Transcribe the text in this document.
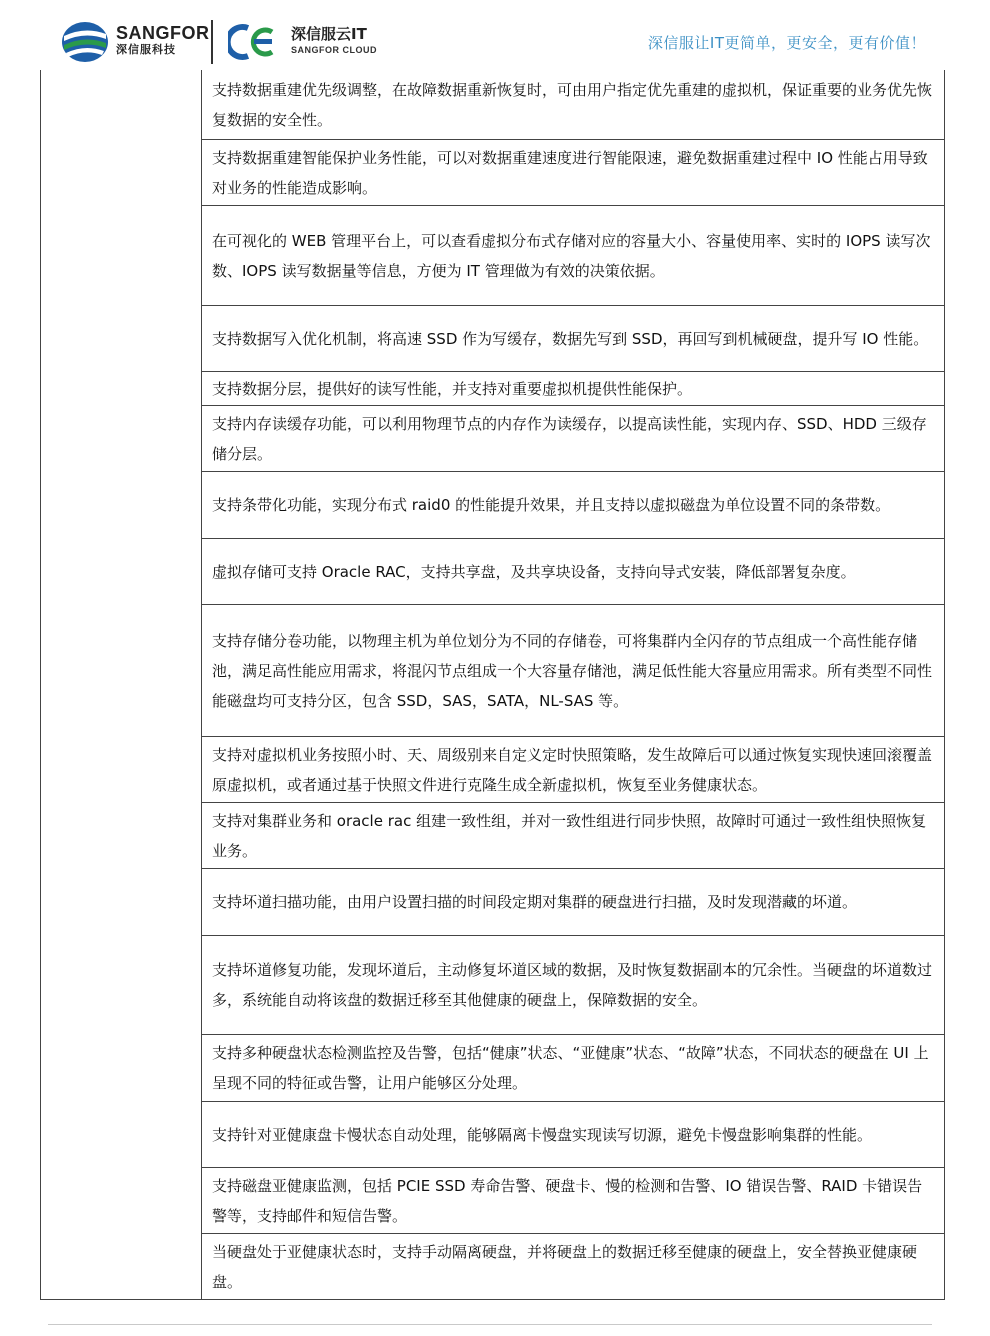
SANGFOR
深信服科技
深信服云IT
SANGFOR CLOUD	深信服让IT更简单，更安全，更有价值！
支持数据重建优先级调整，在故障数据重新恢复时，可由用户指定优先重建的虚拟机，保证重要的业务优先恢复数据的安全性。
支持数据重建智能保护业务性能，可以对数据重建速度进行智能限速，避免数据重建过程中 IO 性能占用导致对业务的性能造成影响。
在可视化的 WEB 管理平台上，可以查看虚拟分布式存储对应的容量大小、容量使用率、实时的 IOPS 读写次数、IOPS 读写数据量等信息，方便为 IT 管理做为有效的决策依据。
支持数据写入优化机制，将高速 SSD 作为写缓存，数据先写到 SSD，再回写到机械硬盘，提升写 IO 性能。
支持数据分层，提供好的读写性能，并支持对重要虚拟机提供性能保护。
支持内存读缓存功能，可以利用物理节点的内存作为读缓存，以提高读性能，实现内存、SSD、HDD 三级存储分层。
支持条带化功能，实现分布式 raid0 的性能提升效果，并且支持以虚拟磁盘为单位设置不同的条带数。
虚拟存储可支持 Oracle RAC，支持共享盘，及共享块设备，支持向导式安装，降低部署复杂度。
支持存储分卷功能，以物理主机为单位划分为不同的存储卷，可将集群内全闪存的节点组成一个高性能存储池，满足高性能应用需求，将混闪节点组成一个大容量存储池，满足低性能大容量应用需求。所有类型不同性能磁盘均可支持分区，包含 SSD，SAS，SATA，NL-SAS 等。
支持对虚拟机业务按照小时、天、周级别来自定义定时快照策略，发生故障后可以通过恢复实现快速回滚覆盖原虚拟机，或者通过基于快照文件进行克隆生成全新虚拟机，恢复至业务健康状态。
支持对集群业务和 oracle rac 组建一致性组，并对一致性组进行同步快照，故障时可通过一致性组快照恢复业务。
支持坏道扫描功能，由用户设置扫描的时间段定期对集群的硬盘进行扫描，及时发现潜藏的坏道。
支持坏道修复功能，发现坏道后，主动修复坏道区域的数据，及时恢复数据副本的冗余性。当硬盘的坏道数过多，系统能自动将该盘的数据迁移至其他健康的硬盘上，保障数据的安全。
支持多种硬盘状态检测监控及告警，包括“健康”状态、“亚健康”状态、“故障”状态，不同状态的硬盘在 UI 上呈现不同的特征或告警，让用户能够区分处理。
支持针对亚健康盘卡慢状态自动处理，能够隔离卡慢盘实现读写切源，避免卡慢盘影响集群的性能。
支持磁盘亚健康监测，包括 PCIE SSD 寿命告警、硬盘卡、慢的检测和告警、IO 错误告警、RAID 卡错误告警等，支持邮件和短信告警。
当硬盘处于亚健康状态时，支持手动隔离硬盘，并将硬盘上的数据迁移至健康的硬盘上，安全替换亚健康硬盘。
